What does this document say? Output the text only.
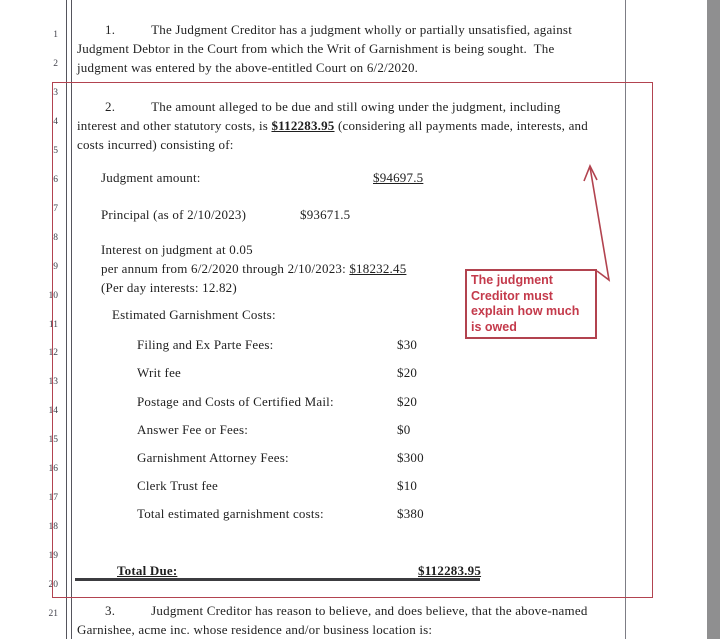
1
2
3
4
5
6
7
8
9
10
11
12
13
14
15
16
17
18
19
20
21
1.	The Judgment Creditor has a judgment wholly or partially unsatisfied, against
Judgment Debtor in the Court from which the Writ of Garnishment is being sought.  The
judgment was entered by the above-entitled Court on 6/2/2020.
2.	The amount alleged to be due and still owing under the judgment, including
interest and other statutory costs, is $112283.95 (considering all payments made, interests, and
costs incurred) consisting of:
Judgment amount:	$94697.5
Principal (as of 2/10/2023)	$93671.5
Interest on judgment at 0.05
per annum from 6/2/2020 through 2/10/2023: $18232.45
(Per day interests: 12.82)
Estimated Garnishment Costs:
Filing and Ex Parte Fees:	$30
Writ fee	$20
Postage and Costs of Certified Mail:	$20
Answer Fee or Fees:	$0
Garnishment Attorney Fees:	$300
Clerk Trust fee	$10
Total estimated garnishment costs:	$380
Total Due:	$112283.95
3.	Judgment Creditor has reason to believe, and does believe, that the above-named
Garnishee, acme inc. whose residence and/or business location is:
The judgment
Creditor must
explain how much
is owed
